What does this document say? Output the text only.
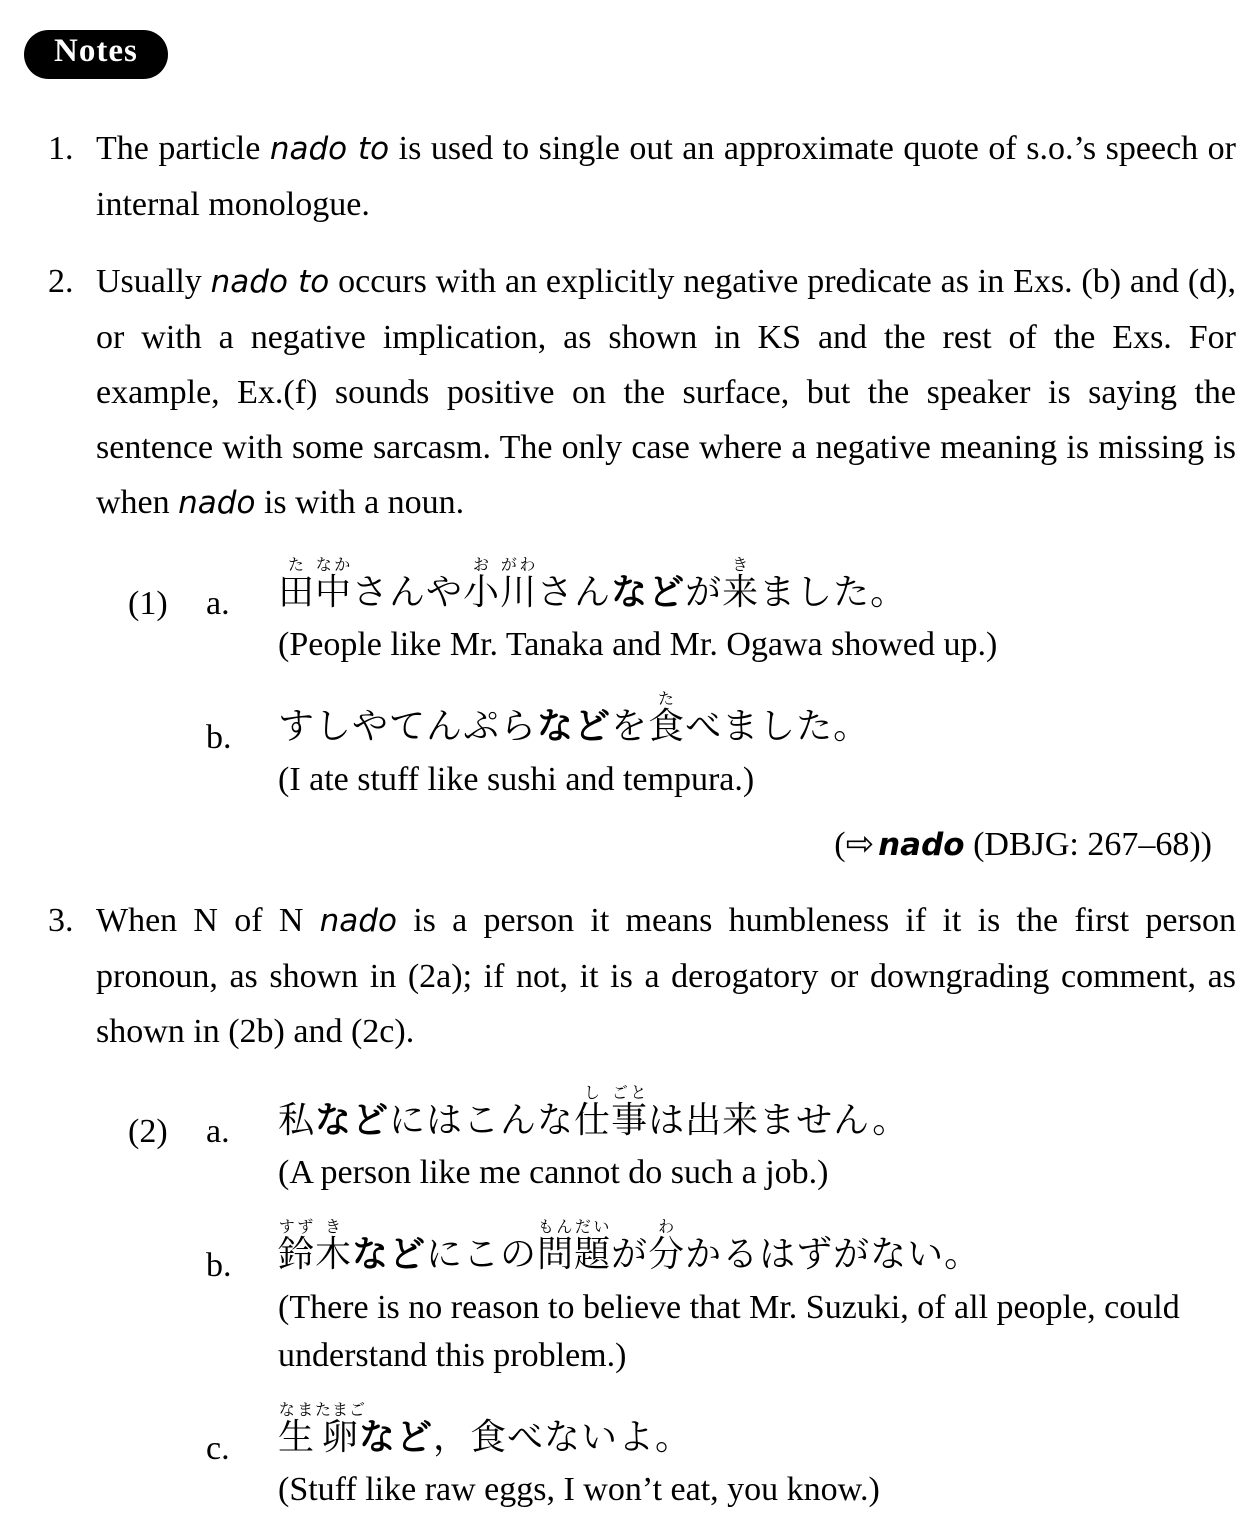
Notes
1. The particle nado to is used to single out an approximate quote of s.o.’s speech or internal monologue.
2. Usually nado to occurs with an explicitly negative predicate as in Exs. (b) and (d), or with a negative implication, as shown in KS and the rest of the Exs. For example, Ex.(f) sounds positive on the surface, but the speaker is saying the sentence with some sarcasm. The only case where a negative meaning is missing is when nado is with a noun.
(1)	a.	田た中なかさんや小お川がわさんなどが来きました。
(People like Mr. Tanaka and Mr. Ogawa showed up.)
b.	すしやてんぷらなどを食たべました。
(I ate stuff like sushi and tempura.)
(⇨ nado (DBJG: 267–68))
3. When N of N nado is a person it means humbleness if it is the first person pronoun, as shown in (2a); if not, it is a derogatory or downgrading comment, as shown in (2b) and (2c).
(2)	a.	私などにはこんな仕し事ごとは出来ません。
(A person like me cannot do such a job.)
b.	鈴すず木きなどにこの問もん題だいが分わかるはずがない。
(There is no reason to believe that Mr. Suzuki, of all people, could understand this problem.)
c.	生なま卵たまごなど，食べないよ。
(Stuff like raw eggs, I won’t eat, you know.)
